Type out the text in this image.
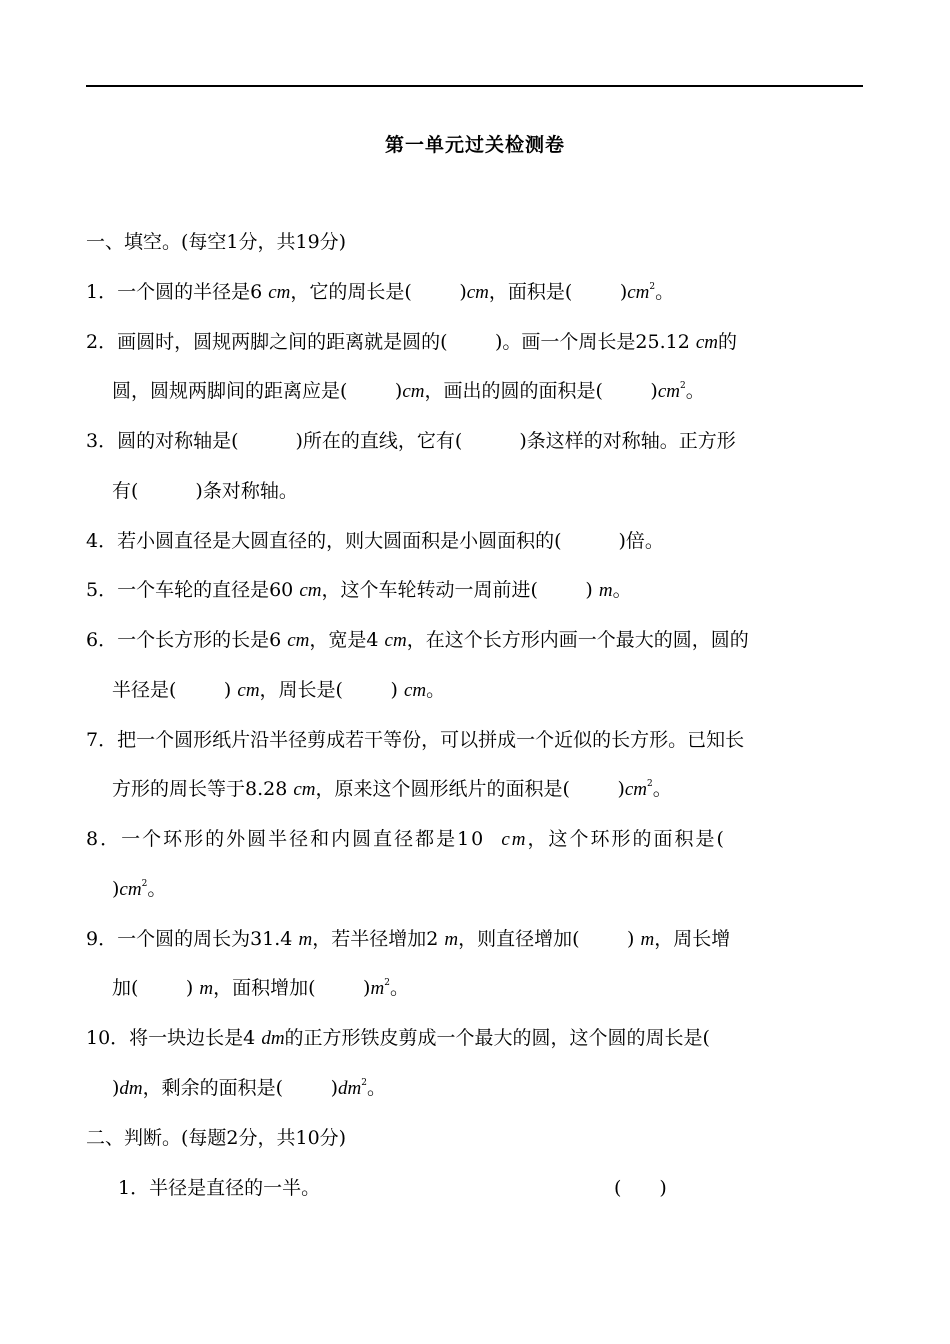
第一单元过关检测卷
一、填空。(每空1分，共19分)
1．一个圆的半径是6 cm，它的周长是(   	)cm，面积是(   	)$cm^2$。
2．画圆时，圆规两脚之间的距离就是圆的(   	)。画一个周长是25.12 cm的
圆，圆规两脚间的距离应是(   	)cm，画出的圆的面积是(   	)$cm^2$。
3．圆的对称轴是(　　　)所在的直线，它有(　　　)条这样的对称轴。正方形
有(　　　)条对称轴。
4．若小圆直径是大圆直径的，则大圆面积是小圆面积的(　　　)倍。
5．一个车轮的直径是60 cm，这个车轮转动一周前进(   	) m。
6．一个长方形的长是6 cm，宽是4 cm，在这个长方形内画一个最大的圆，圆的
半径是(   	) cm，周长是(   	) cm。
7．把一个圆形纸片沿半径剪成若干等份，可以拼成一个近似的长方形。已知长
方形的周长等于8.28 cm，原来这个圆形纸片的面积是(   	)$cm^2$。
8．一个环形的外圆半径和内圆直径都是10 cm，这个环形的面积是(
)$cm^2$。
9．一个圆的周长为31.4 m，若半径增加2 m，则直径增加(   	) m，周长增
加(   	) m，面积增加(   	)$m^2$。
10．将一块边长是4 dm的正方形铁皮剪成一个最大的圆，这个圆的周长是(
)dm，剩余的面积是(   	)$dm^2$。
二、判断。(每题2分，共10分)
1．半径是直径的一半。	(　　)
